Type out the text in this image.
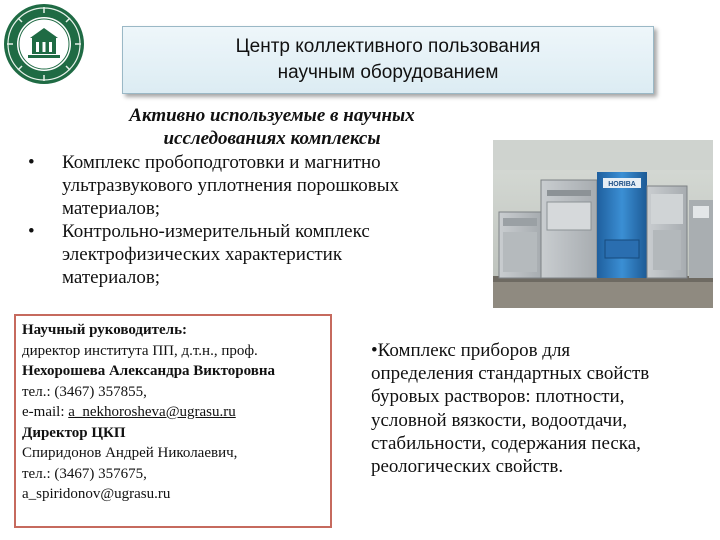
Центр коллективного пользования
научным оборудованием
Активно используемые в научных
исследованиях комплексы
•	Комплекс пробоподготовки и магнитно
ультразвукового уплотнения порошковых
материалов;
•	Контрольно-измерительный комплекс
электрофизических характеристик
материалов;
HORIBA
Научный руководитель:
директор института ПП, д.т.н., проф.
Нехорошева Александра Викторовна
тел.: (3467) 357855,
e-mail: a_nekhorosheva@ugrasu.ru
Директор ЦКП
Спиридонов Андрей Николаевич,
тел.: (3467) 357675,
a_spiridonov@ugrasu.ru
•Комплекс приборов для
определения стандартных свойств
буровых растворов: плотности,
условной вязкости, водоотдачи,
стабильности, содержания песка,
реологических свойств.
